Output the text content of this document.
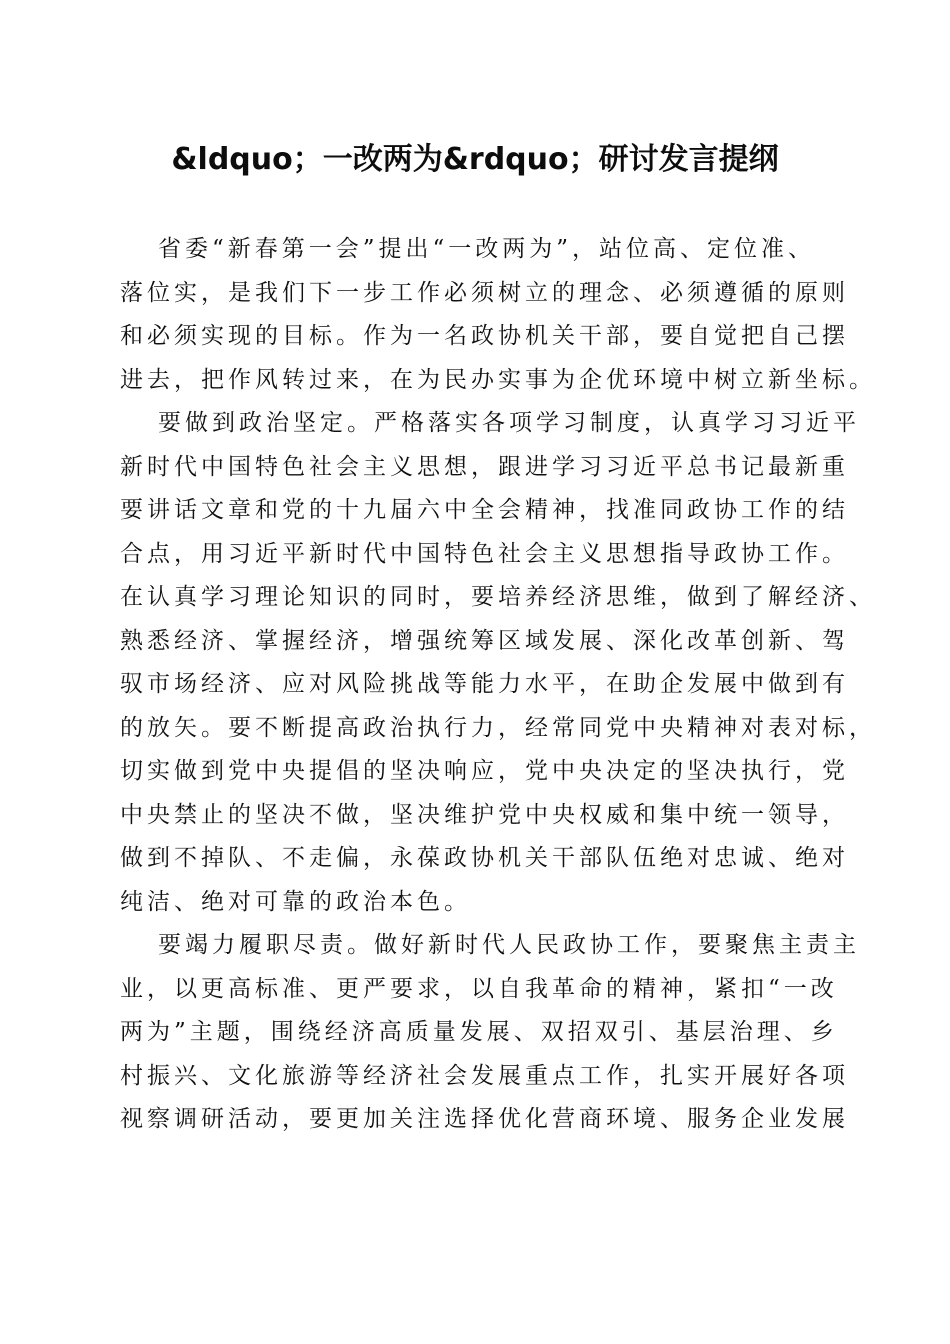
&ldquo；一改两为&rdquo；研讨发言提纲
省委“新春第一会”提出“一改两为”，站位高、定位准、
落位实，是我们下一步工作必须树立的理念、必须遵循的原则
和必须实现的目标。作为一名政协机关干部，要自觉把自己摆
进去，把作风转过来，在为民办实事为企优环境中树立新坐标。
要做到政治坚定。严格落实各项学习制度，认真学习习近平
新时代中国特色社会主义思想，跟进学习习近平总书记最新重
要讲话文章和党的十九届六中全会精神，找准同政协工作的结
合点，用习近平新时代中国特色社会主义思想指导政协工作。
在认真学习理论知识的同时，要培养经济思维，做到了解经济、
熟悉经济、掌握经济，增强统筹区域发展、深化改革创新、驾
驭市场经济、应对风险挑战等能力水平，在助企发展中做到有
的放矢。要不断提高政治执行力，经常同党中央精神对表对标，
切实做到党中央提倡的坚决响应，党中央决定的坚决执行，党
中央禁止的坚决不做，坚决维护党中央权威和集中统一领导，
做到不掉队、不走偏，永葆政协机关干部队伍绝对忠诚、绝对
纯洁、绝对可靠的政治本色。
要竭力履职尽责。做好新时代人民政协工作，要聚焦主责主
业，以更高标准、更严要求，以自我革命的精神，紧扣“一改
两为”主题，围绕经济高质量发展、双招双引、基层治理、乡
村振兴、文化旅游等经济社会发展重点工作，扎实开展好各项
视察调研活动，要更加关注选择优化营商环境、服务企业发展
